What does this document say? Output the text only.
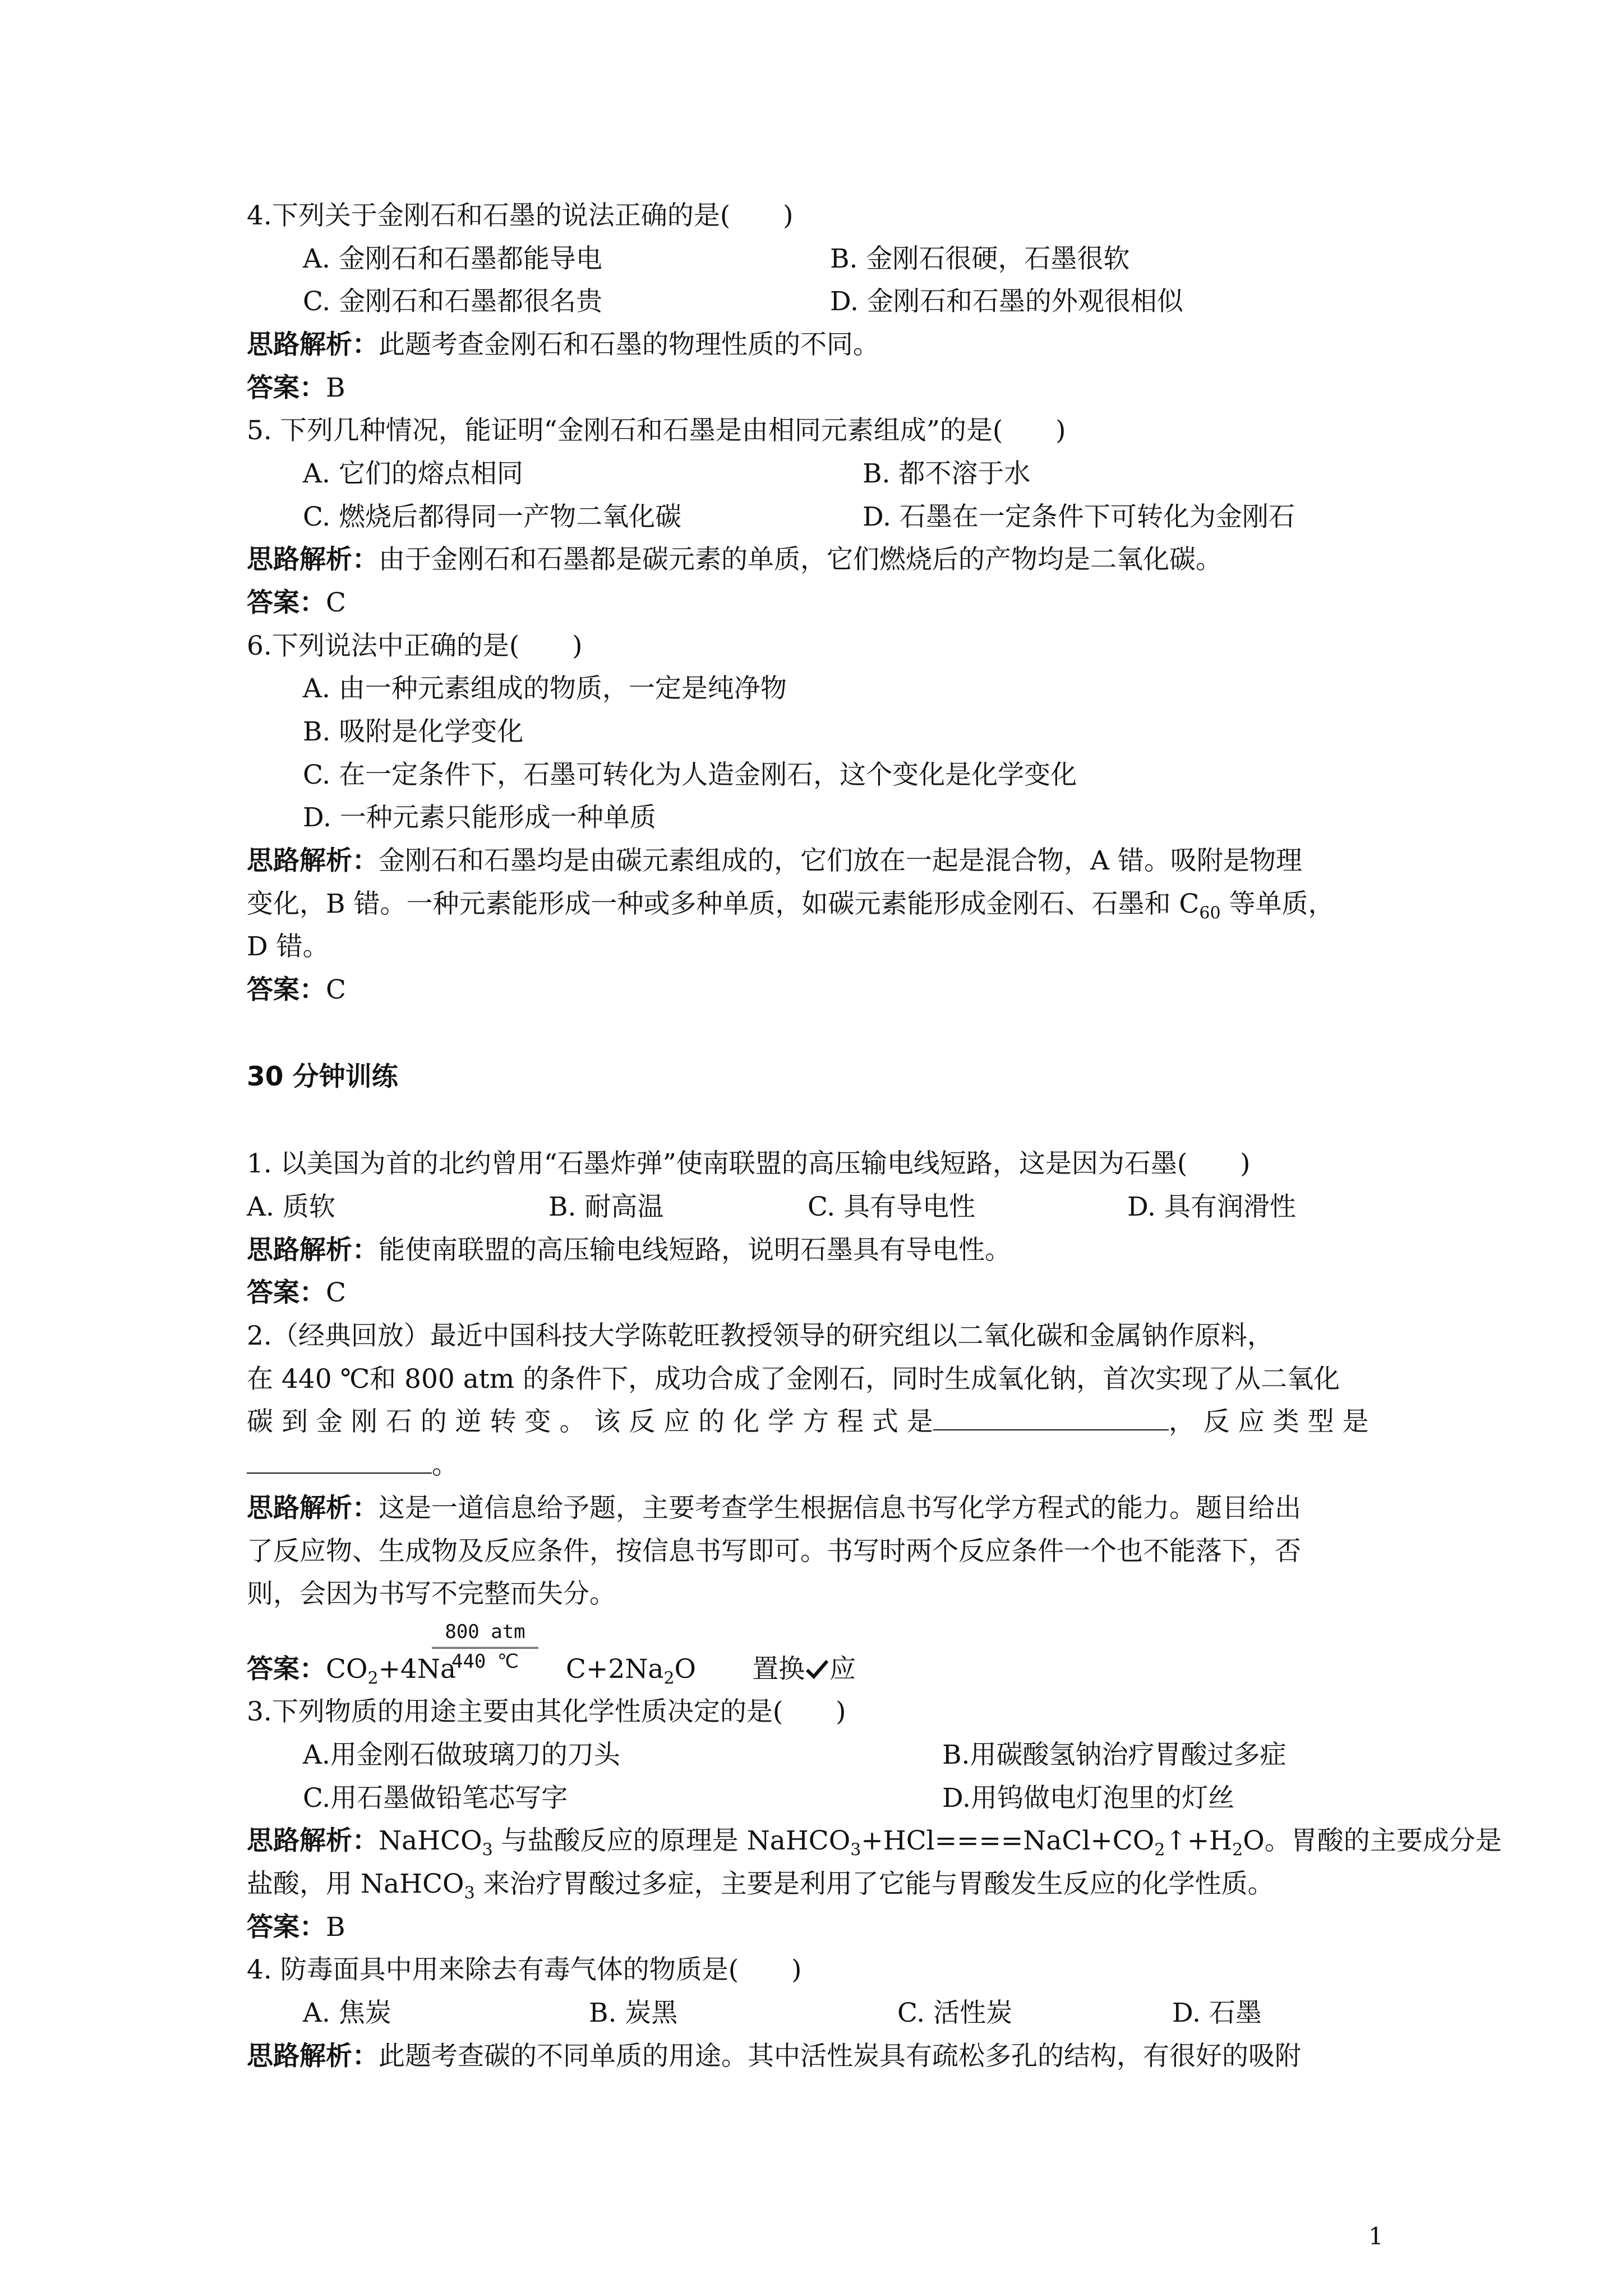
4.下列关于金刚石和石墨的说法正确的是(　　)
A. 金刚石和石墨都能导电	B. 金刚石很硬，石墨很软
C. 金刚石和石墨都很名贵	D. 金刚石和石墨的外观很相似
思路解析：此题考查金刚石和石墨的物理性质的不同。
答案：B
5. 下列几种情况，能证明“金刚石和石墨是由相同元素组成”的是(　　)
A. 它们的熔点相同	B. 都不溶于水
C. 燃烧后都得同一产物二氧化碳	D. 石墨在一定条件下可转化为金刚石
思路解析：由于金刚石和石墨都是碳元素的单质，它们燃烧后的产物均是二氧化碳。
答案：C
6.下列说法中正确的是(　　)
A. 由一种元素组成的物质，一定是纯净物
B. 吸附是化学变化
C. 在一定条件下，石墨可转化为人造金刚石，这个变化是化学变化
D. 一种元素只能形成一种单质
思路解析：金刚石和石墨均是由碳元素组成的，它们放在一起是混合物，A 错。吸附是物理
变化，B 错。一种元素能形成一种或多种单质，如碳元素能形成金刚石、石墨和 $C_{60}$ 等单质，
D 错。
答案：C
30 分钟训练
1. 以美国为首的北约曾用“石墨炸弹”使南联盟的高压输电线短路，这是因为石墨(　　)
A. 质软	B. 耐高温	C. 具有导电性	D. 具有润滑性
思路解析：能使南联盟的高压输电线短路，说明石墨具有导电性。
答案：C
2.（经典回放）最近中国科技大学陈乾旺教授领导的研究组以二氧化碳和金属钠作原料，
在 440 ℃和 800 atm 的条件下，成功合成了金刚石，同时生成氧化钠，首次实现了从二氧化
碳 到 金 刚 石 的 逆 转 变 。 该 反 应 的 化 学 方 程 式 是	， 反 应 类 型 是
。
思路解析：这是一道信息给予题，主要考查学生根据信息书写化学方程式的能力。题目给出
了反应物、生成物及反应条件，按信息书写即可。书写时两个反应条件一个也不能落下，否
则，会因为书写不完整而失分。
800 atm
440 ℃
答案：$CO_2+4Na$	$C+2Na_2O$ 置换 应
3.下列物质的用途主要由其化学性质决定的是(　　)
A.用金刚石做玻璃刀的刀头	B.用碳酸氢钠治疗胃酸过多症
C.用石墨做铅笔芯写字	D.用钨做电灯泡里的灯丝
思路解析：NaHCO$_3$ 与盐酸反应的原理是 $NaHCO_3+HCl====NaCl+CO_2↑+H_2O$。胃酸的主要成分是
盐酸，用 NaHCO$_3$ 来治疗胃酸过多症，主要是利用了它能与胃酸发生反应的化学性质。
答案：B
4. 防毒面具中用来除去有毒气体的物质是(　　)
A. 焦炭	B. 炭黑	C. 活性炭	D. 石墨
思路解析：此题考查碳的不同单质的用途。其中活性炭具有疏松多孔的结构，有很好的吸附
1
